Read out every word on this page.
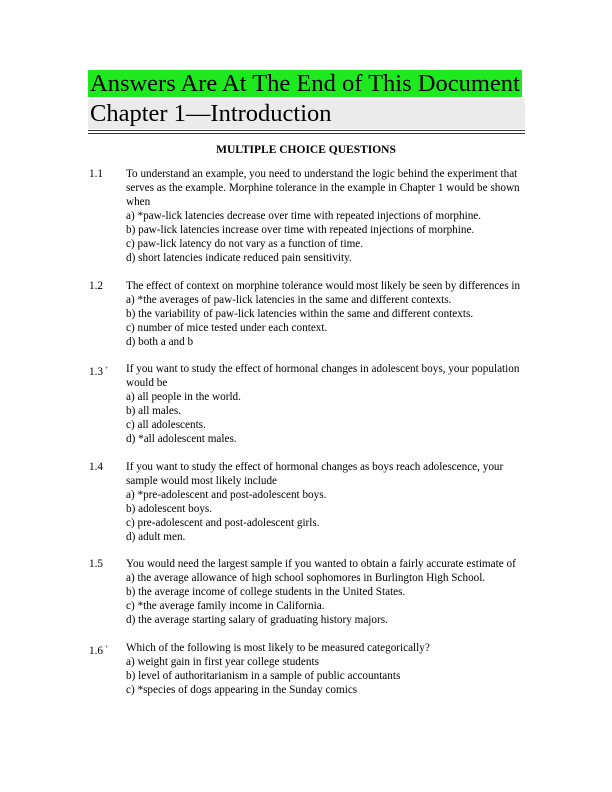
Answers Are At The End of This Document
Chapter 1—Introduction
MULTIPLE CHOICE QUESTIONS
1.1 To understand an example, you need to understand the logic behind the experiment that serves as the example. Morphine tolerance in the example in Chapter 1 would be shown when
a) *paw-lick latencies decrease over time with repeated injections of morphine.
b) paw-lick latencies increase over time with repeated injections of morphine.
c) paw-lick latency do not vary as a function of time.
d) short latencies indicate reduced pain sensitivity.
1.2 The effect of context on morphine tolerance would most likely be seen by differences in
a) *the averages of paw-lick latencies in the same and different contexts.
b) the variability of paw-lick latencies within the same and different contexts.
c) number of mice tested under each context.
d) both a and b
1.3 + If you want to study the effect of hormonal changes in adolescent boys, your population would be
a) all people in the world.
b) all males.
c) all adolescents.
d) *all adolescent males.
1.4 If you want to study the effect of hormonal changes as boys reach adolescence, your sample would most likely include
a) *pre-adolescent and post-adolescent boys.
b) adolescent boys.
c) pre-adolescent and post-adolescent girls.
d) adult men.
1.5 You would need the largest sample if you wanted to obtain a fairly accurate estimate of
a) the average allowance of high school sophomores in Burlington High School.
b) the average income of college students in the United States.
c) *the average family income in California.
d) the average starting salary of graduating history majors.
1.6 + Which of the following is most likely to be measured categorically?
a) weight gain in first year college students
b) level of authoritarianism in a sample of public accountants
c) *species of dogs appearing in the Sunday comics
